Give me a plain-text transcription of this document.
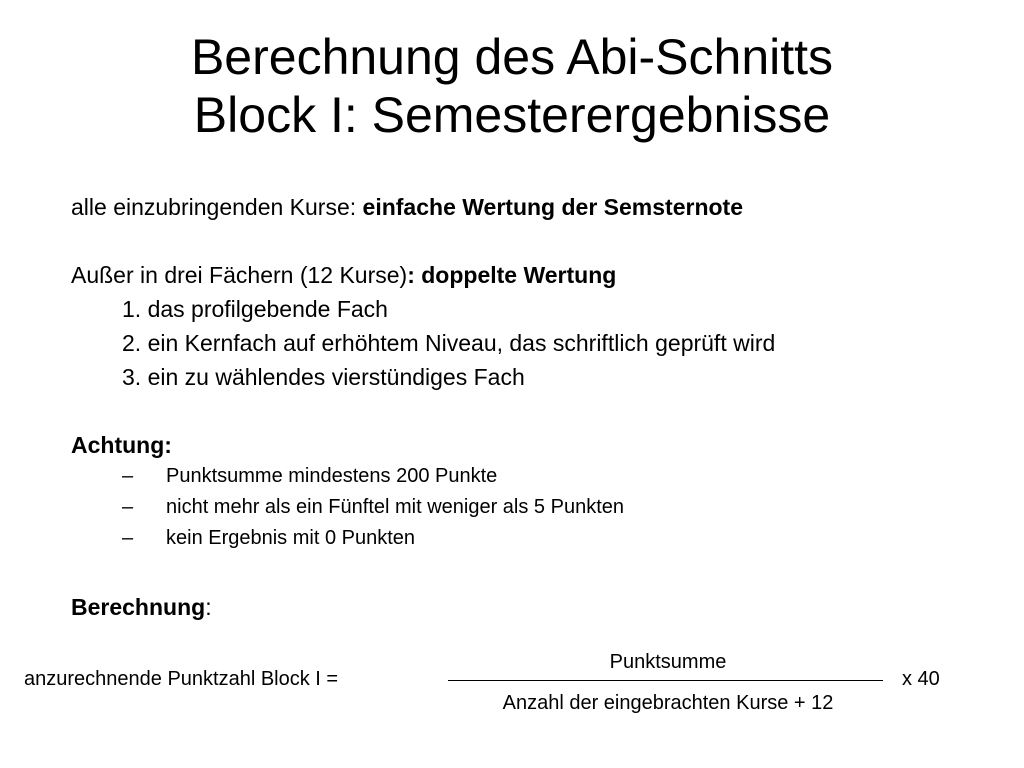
Berechnung des Abi-Schnitts
Block I: Semesterergebnisse
alle einzubringenden Kurse: einfache Wertung der Semsternote
Außer in drei Fächern (12 Kurse): doppelte Wertung
1. das profilgebende Fach
2. ein Kernfach auf erhöhtem Niveau, das schriftlich geprüft wird
3. ein zu wählendes vierstündiges Fach
Achtung:
– Punktsumme mindestens 200 Punkte
– nicht mehr als ein Fünftel mit weniger als 5 Punkten
– kein Ergebnis mit 0 Punkten
Berechnung:
anzurechnende Punktzahl Block I =
Punktsumme
Anzahl der eingebrachten Kurse + 12
x 40
